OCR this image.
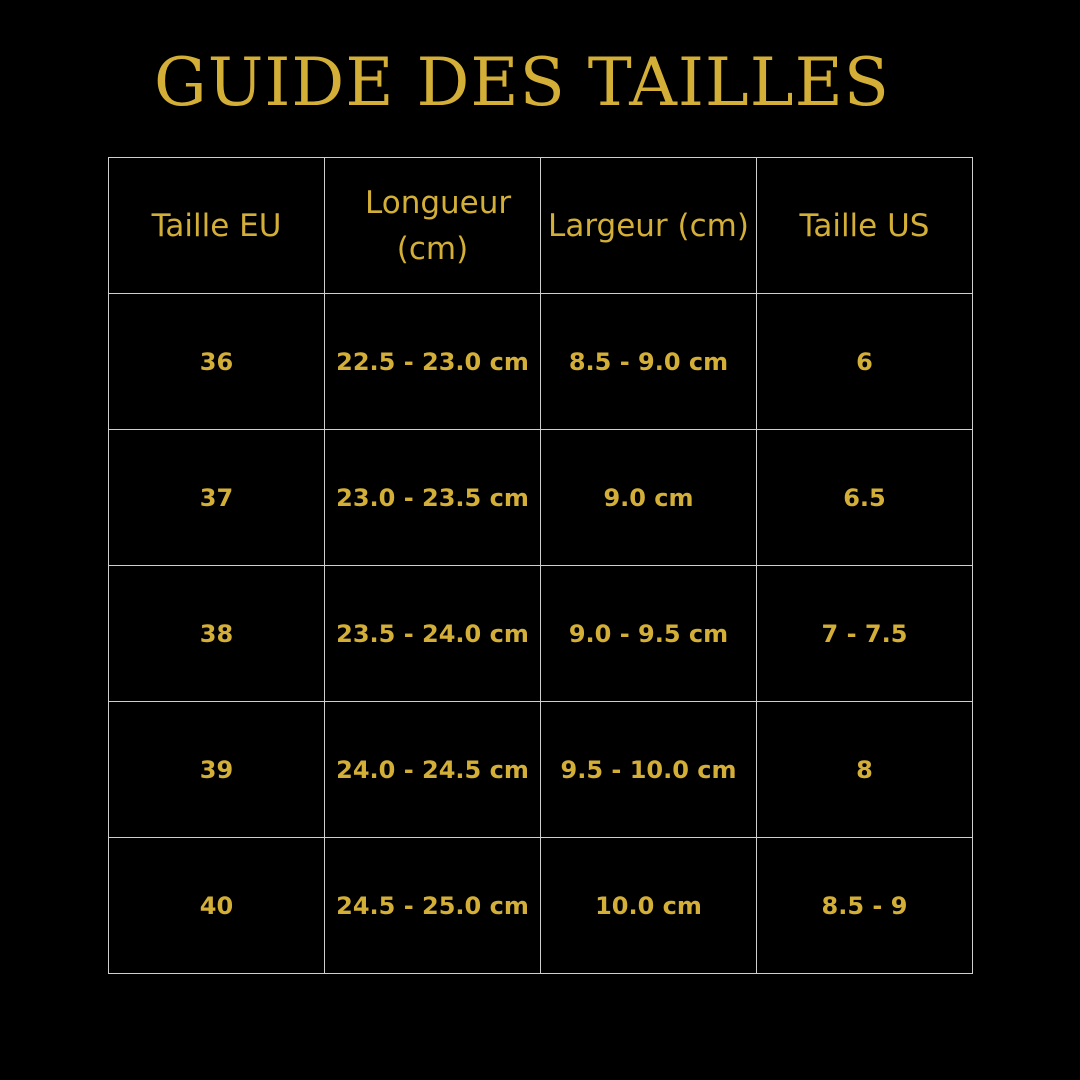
GUIDE DES TAILLES
Taille EU	Longueur (cm)	Largeur (cm)	Taille US
36	22.5 - 23.0 cm	8.5 - 9.0 cm	6
37	23.0 - 23.5 cm	9.0 cm	6.5
38	23.5 - 24.0 cm	9.0 - 9.5 cm	7 - 7.5
39	24.0 - 24.5 cm	9.5 - 10.0 cm	8
40	24.5 - 25.0 cm	10.0 cm	8.5 - 9
